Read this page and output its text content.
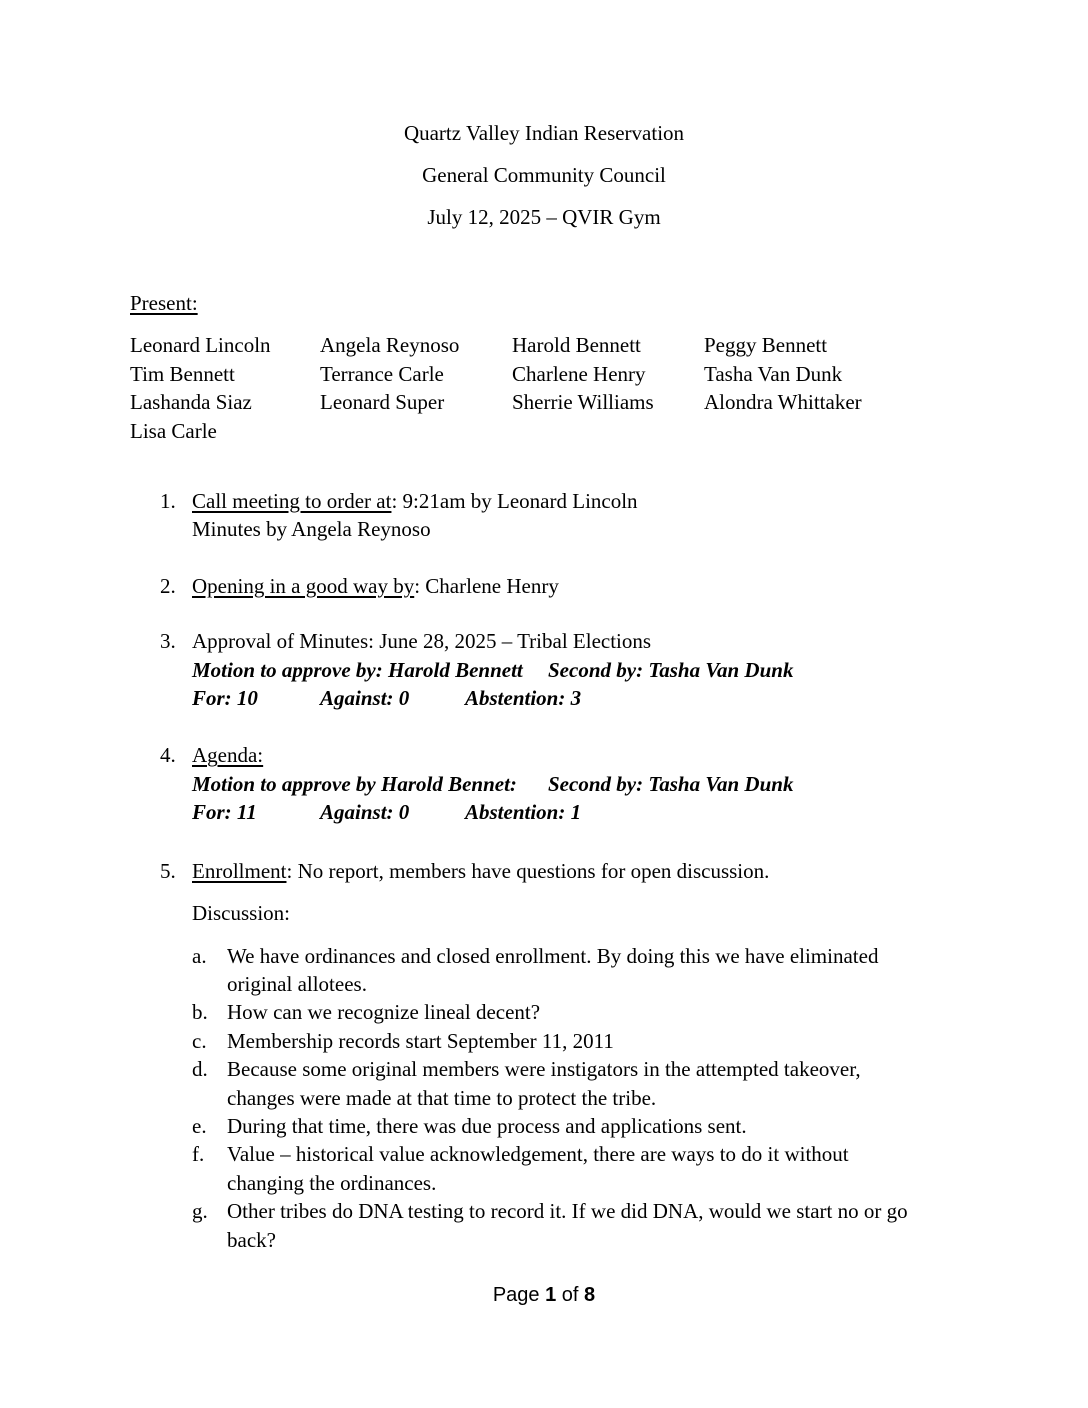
Quartz Valley Indian Reservation
General Community Council
July 12, 2025 – QVIR Gym
Present:
Leonard Lincoln	Angela Reynoso	Harold Bennett	Peggy Bennett
Tim Bennett	Terrance Carle	Charlene Henry	Tasha Van Dunk
Lashanda Siaz	Leonard Super	Sherrie Williams	Alondra Whittaker
Lisa Carle
1. Call meeting to order at: 9:21am by Leonard Lincoln
Minutes by Angela Reynoso
2. Opening in a good way by: Charlene Henry
3. Approval of Minutes: June 28, 2025 – Tribal Elections
Motion to approve by: Harold Bennett Second by: Tasha Van Dunk
For: 10	Against: 0	Abstention: 3
4. Agenda:
Motion to approve by Harold Bennet: Second by: Tasha Van Dunk
For: 11	Against: 0	Abstention: 1
5. Enrollment: No report, members have questions for open discussion.
Discussion:
a. We have ordinances and closed enrollment. By doing this we have eliminated original allotees.
b. How can we recognize lineal decent?
c. Membership records start September 11, 2011
d. Because some original members were instigators in the attempted takeover, changes were made at that time to protect the tribe.
e. During that time, there was due process and applications sent.
f.	Value – historical value acknowledgement, there are ways to do it without changing the ordinances.
g. Other tribes do DNA testing to record it. If we did DNA, would we start no or go back?
Page 1 of 8
